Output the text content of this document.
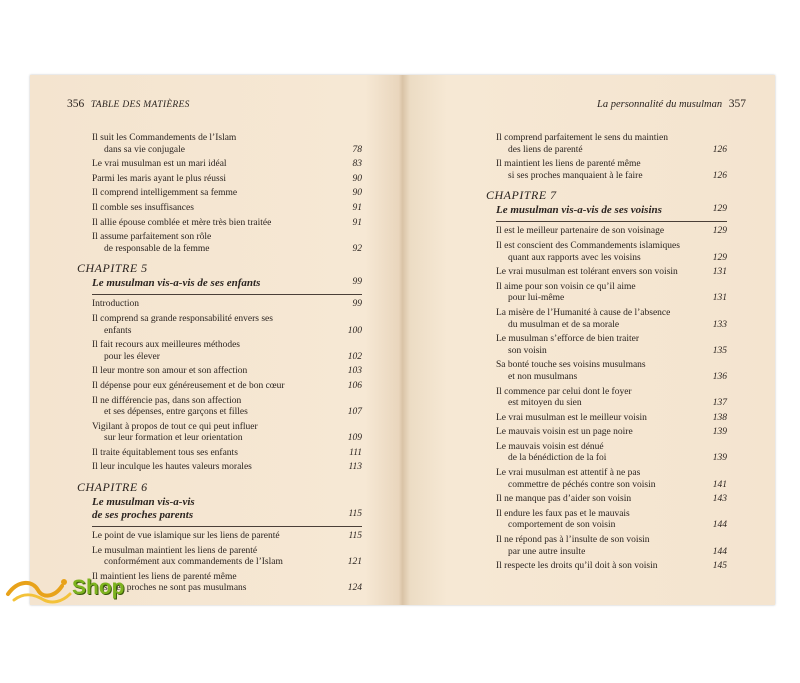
356 TABLE DES MATIÈRES
Il suit les Commandements de l’Islam
dans sa vie conjugale	78
Le vrai musulman est un mari idéal	83
Parmi les maris ayant le plus réussi	90
Il comprend intelligemment sa femme	90
Il comble ses insuffisances	91
Il allie épouse comblée et mère très bien traitée	91
Il assume parfaitement son rôle
de responsable de la femme	92
CHAPITRE 5
Le musulman vis-a-vis de ses enfants	99
Introduction	99
Il comprend sa grande responsabilité envers ses
enfants	100
Il fait recours aux meilleures méthodes
pour les élever	102
Il leur montre son amour et son affection	103
Il dépense pour eux généreusement et de bon cœur	106
Il ne différencie pas, dans son affection
et ses dépenses, entre garçons et filles	107
Vigilant à propos de tout ce qui peut influer
sur leur formation et leur orientation	109
Il traite équitablement tous ses enfants	111
Il leur inculque les hautes valeurs morales	113
CHAPITRE 6
Le musulman vis-a-vis
de ses proches parents	115
Le point de vue islamique sur les liens de parenté	115
Le musulman maintient les liens de parenté
conformément aux commandements de l’Islam	121
Il maintient les liens de parenté même
si ses proches ne sont pas musulmans	124
La personnalité du musulman 357
Il comprend parfaitement le sens du maintien
des liens de parenté	126
Il maintient les liens de parenté même
si ses proches manquaient à le faire	126
CHAPITRE 7
Le musulman vis-a-vis de ses voisins	129
Il est le meilleur partenaire de son voisinage	129
Il est conscient des Commandements islamiques
quant aux rapports avec les voisins	129
Le vrai musulman est tolérant envers son voisin	131
Il aime pour son voisin ce qu’il aime
pour lui-même	131
La misère de l’Humanité à cause de l’absence
du musulman et de sa morale	133
Le musulman s’efforce de bien traiter
son voisin	135
Sa bonté touche ses voisins musulmans
et non musulmans	136
Il commence par celui dont le foyer
est mitoyen du sien	137
Le vrai musulman est le meilleur voisin	138
Le mauvais voisin est un page noire	139
Le mauvais voisin est dénué
de la bénédiction de la foi	139
Le vrai musulman est attentif à ne pas
commettre de péchés contre son voisin	141
Il ne manque pas d’aider son voisin	143
Il endure les faux pas et le mauvais
comportement de son voisin	144
Il ne répond pas à l’insulte de son voisin
par une autre insulte	144
Il respecte les droits qu’il doit à son voisin	145
Shop
